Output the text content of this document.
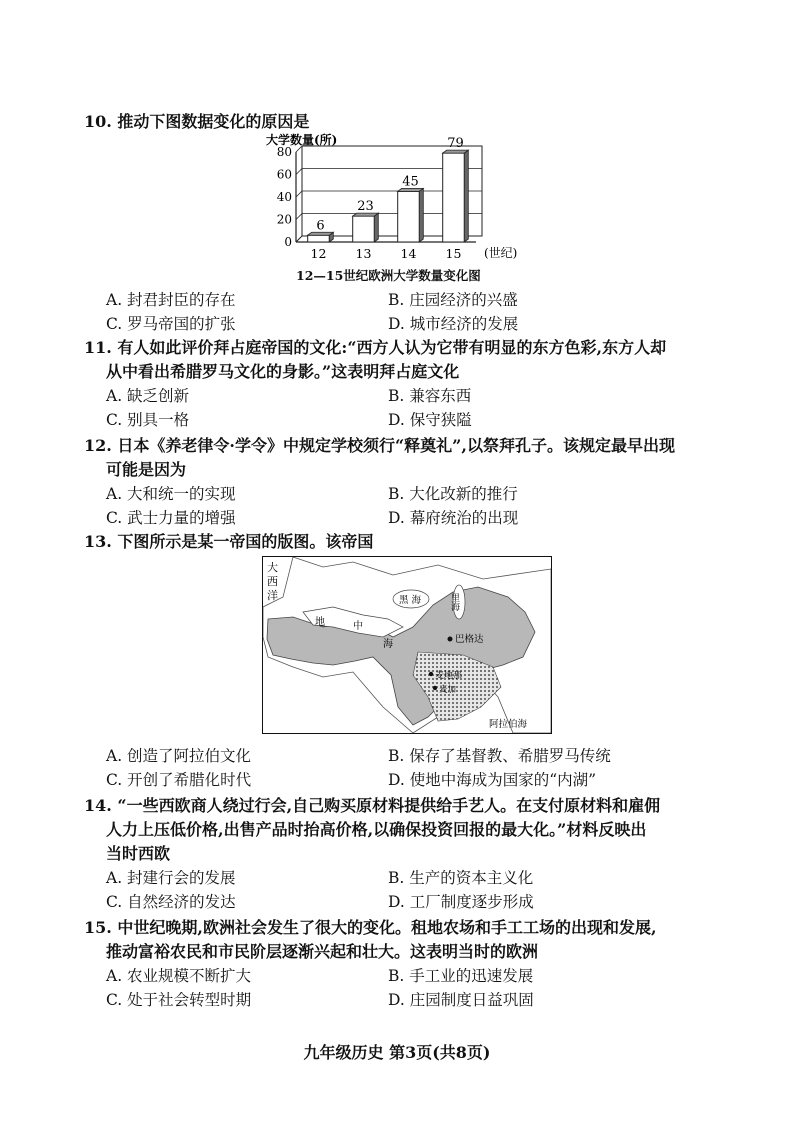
10. 推动下图数据变化的原因是
大学数量(所)
0
20
40
60
80
6
23
45
79
12 13 14 15 (世纪)
12—15世纪欧洲大学数量变化图
A. 封君封臣的存在	B. 庄园经济的兴盛
C. 罗马帝国的扩张	D. 城市经济的发展
11. 有人如此评价拜占庭帝国的文化:“西方人认为它带有明显的东方色彩,东方人却
从中看出希腊罗马文化的身影。”这表明拜占庭文化
A. 缺乏创新	B. 兼容东西
C. 别具一格	D. 保守狭隘
12. 日本《养老律令·学令》中规定学校须行“释奠礼”,以祭拜孔子。该规定最早出现
可能是因为
A. 大和统一的实现	B. 大化改新的推行
C. 武士力量的增强	D. 幕府统治的出现
13. 下图所示是某一帝国的版图。该帝国
大
西
洋	黑 海	里海
地	中
海	巴格达
麦地那
麦加
阿拉伯海
A. 创造了阿拉伯文化	B. 保存了基督教、希腊罗马传统
C. 开创了希腊化时代	D. 使地中海成为国家的“内湖”
14. “一些西欧商人绕过行会,自己购买原材料提供给手艺人。在支付原材料和雇佣
人力上压低价格,出售产品时抬高价格,以确保投资回报的最大化。”材料反映出
当时西欧
A. 封建行会的发展	B. 生产的资本主义化
C. 自然经济的发达	D. 工厂制度逐步形成
15. 中世纪晚期,欧洲社会发生了很大的变化。租地农场和手工工场的出现和发展,
推动富裕农民和市民阶层逐渐兴起和壮大。这表明当时的欧洲
A. 农业规模不断扩大	B. 手工业的迅速发展
C. 处于社会转型时期	D. 庄园制度日益巩固
九年级历史 第3页(共8页)
